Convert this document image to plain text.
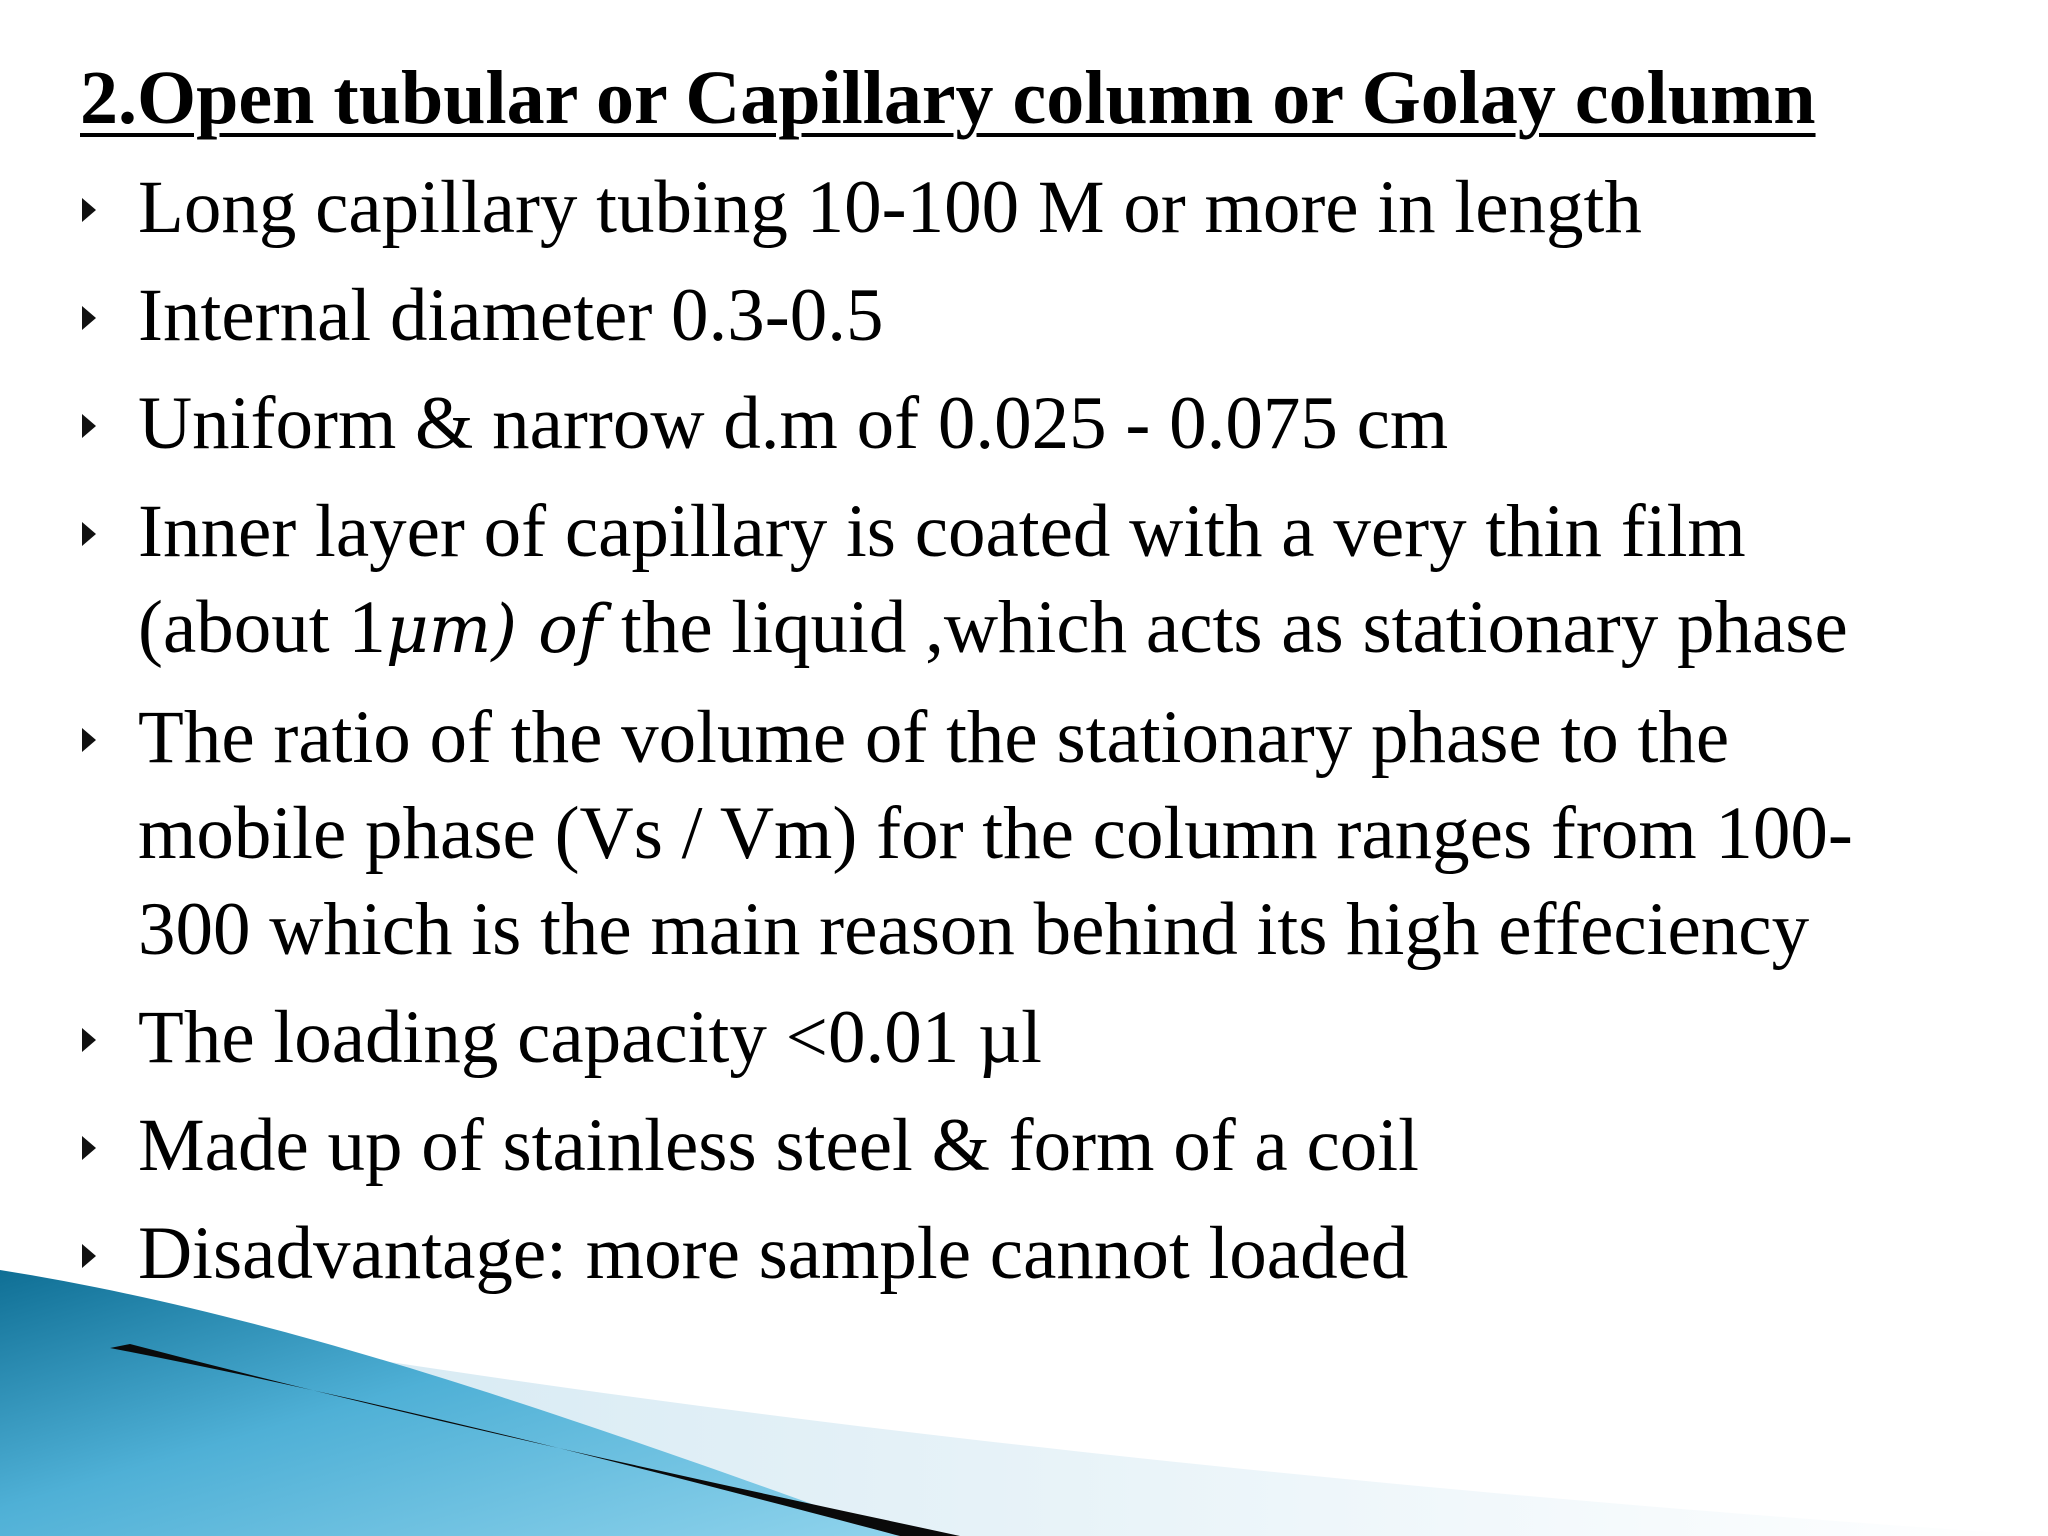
2.Open tubular or Capillary column or Golay column
Long capillary tubing 10-100 M or more in length
Internal diameter 0.3-0.5
Uniform & narrow d.m of 0.025 - 0.075 cm
Inner layer of capillary is coated with a very thin film
(about 1μm) of the liquid ,which acts as stationary phase
The ratio of the volume of the stationary phase to the
mobile phase (Vs / Vm) for the column ranges from 100-
300 which is the main reason behind its high effeciency
The loading capacity <0.01 µl
Made up of stainless steel & form of a coil
Disadvantage: more sample cannot loaded
